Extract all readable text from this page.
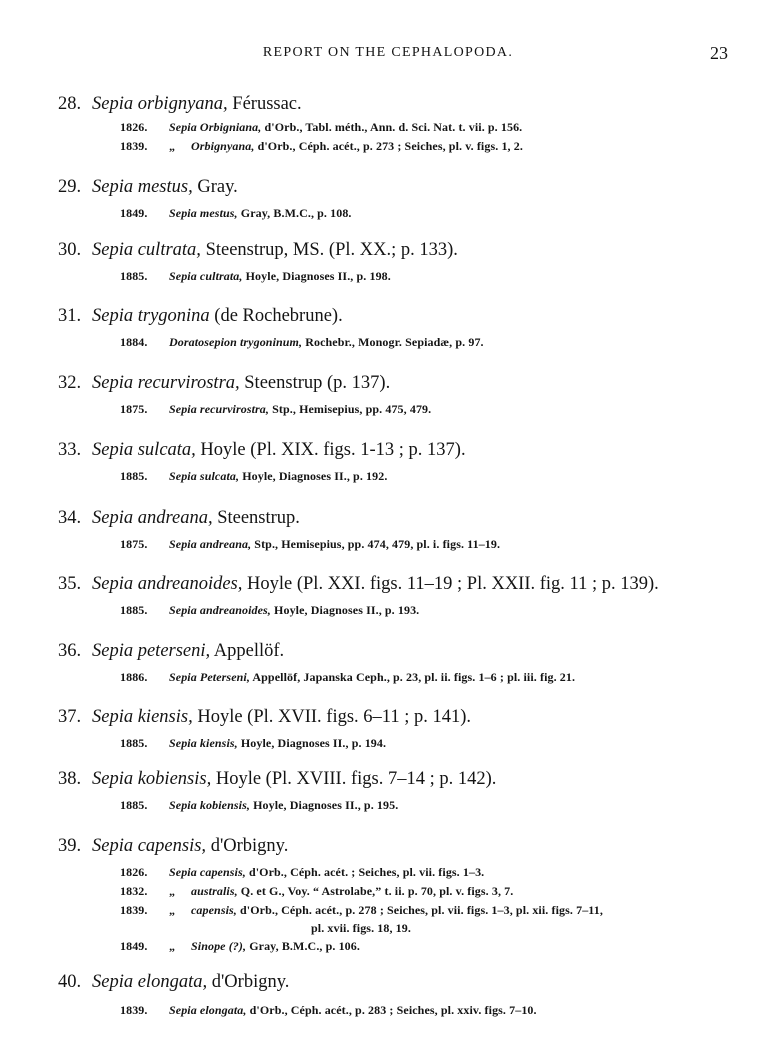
REPORT ON THE CEPHALOPODA.	23
28. Sepia orbignyana, Férussac.
1826. Sepia Orbigniana, d'Orb., Tabl. méth., Ann. d. Sci. Nat. t. vii. p. 156.
1839. „ Orbignyana, d'Orb., Céph. acét., p. 273 ; Seiches, pl. v. figs. 1, 2.
29. Sepia mestus, Gray.
1849. Sepia mestus, Gray, B.M.C., p. 108.
30. Sepia cultrata, Steenstrup, MS. (Pl. XX.; p. 133).
1885. Sepia cultrata, Hoyle, Diagnoses II., p. 198.
31. Sepia trygonina (de Rochebrune).
1884. Doratosepion trygoninum, Rochebr., Monogr. Sepiadæ, p. 97.
32. Sepia recurvirostra, Steenstrup (p. 137).
1875. Sepia recurvirostra, Stp., Hemisepius, pp. 475, 479.
33. Sepia sulcata, Hoyle (Pl. XIX. figs. 1-13 ; p. 137).
1885. Sepia sulcata, Hoyle, Diagnoses II., p. 192.
34. Sepia andreana, Steenstrup.
1875. Sepia andreana, Stp., Hemisepius, pp. 474, 479, pl. i. figs. 11–19.
35. Sepia andreanoides, Hoyle (Pl. XXI. figs. 11–19 ; Pl. XXII. fig. 11 ; p. 139).
1885. Sepia andreanoides, Hoyle, Diagnoses II., p. 193.
36. Sepia peterseni, Appellöf.
1886. Sepia Peterseni, Appellöf, Japanska Ceph., p. 23, pl. ii. figs. 1–6 ; pl. iii. fig. 21.
37. Sepia kiensis, Hoyle (Pl. XVII. figs. 6–11 ; p. 141).
1885. Sepia kiensis, Hoyle, Diagnoses II., p. 194.
38. Sepia kobiensis, Hoyle (Pl. XVIII. figs. 7–14 ; p. 142).
1885. Sepia kobiensis, Hoyle, Diagnoses II., p. 195.
39. Sepia capensis, d'Orbigny.
1826. Sepia capensis, d'Orb., Céph. acét. ; Seiches, pl. vii. figs. 1–3.
1832. „ australis, Q. et G., Voy. “ Astrolabe,” t. ii. p. 70, pl. v. figs. 3, 7.
1839. „ capensis, d'Orb., Céph. acét., p. 278 ; Seiches, pl. vii. figs. 1–3, pl. xii. figs. 7–11,
pl. xvii. figs. 18, 19.
1849. „ Sinope (?), Gray, B.M.C., p. 106.
40. Sepia elongata, d'Orbigny.
1839. Sepia elongata, d'Orb., Céph. acét., p. 283 ; Seiches, pl. xxiv. figs. 7–10.
